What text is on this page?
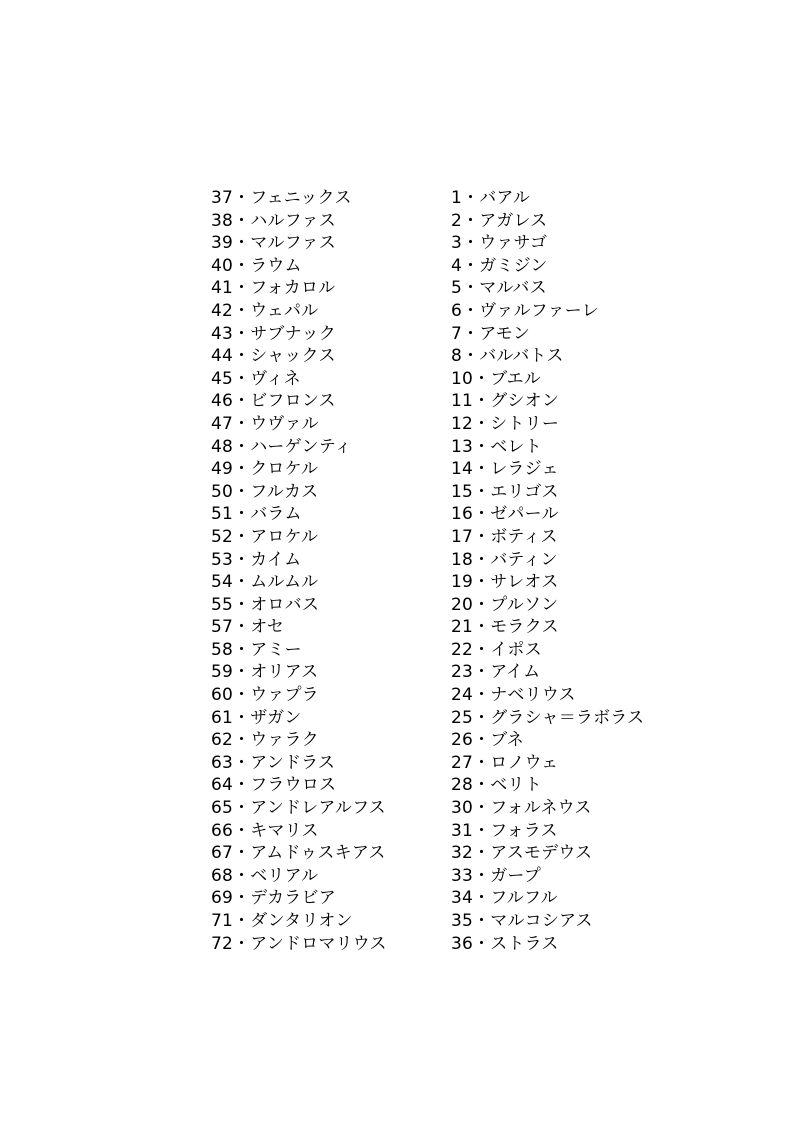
37・フェニックス
38・ハルファス
39・マルファス
40・ラウム
41・フォカロル
42・ウェパル
43・サブナック
44・シャックス
45・ヴィネ
46・ビフロンス
47・ウヴァル
48・ハーゲンティ
49・クロケル
50・フルカス
51・バラム
52・アロケル
53・カイム
54・ムルムル
55・オロバス
57・オセ
58・アミー
59・オリアス
60・ウァプラ
61・ザガン
62・ウァラク
63・アンドラス
64・フラウロス
65・アンドレアルフス
66・キマリス
67・アムドゥスキアス
68・ベリアル
69・デカラビア
71・ダンタリオン
72・アンドロマリウス
1・バアル
2・アガレス
3・ウァサゴ
4・ガミジン
5・マルバス
6・ヴァルファーレ
7・アモン
8・バルバトス
10・ブエル
11・グシオン
12・シトリー
13・ベレト
14・レラジェ
15・エリゴス
16・ゼパール
17・ボティス
18・バティン
19・サレオス
20・プルソン
21・モラクス
22・イポス
23・アイム
24・ナベリウス
25・グラシャ＝ラボラス
26・ブネ
27・ロノウェ
28・ベリト
30・フォルネウス
31・フォラス
32・アスモデウス
33・ガープ
34・フルフル
35・マルコシアス
36・ストラス
